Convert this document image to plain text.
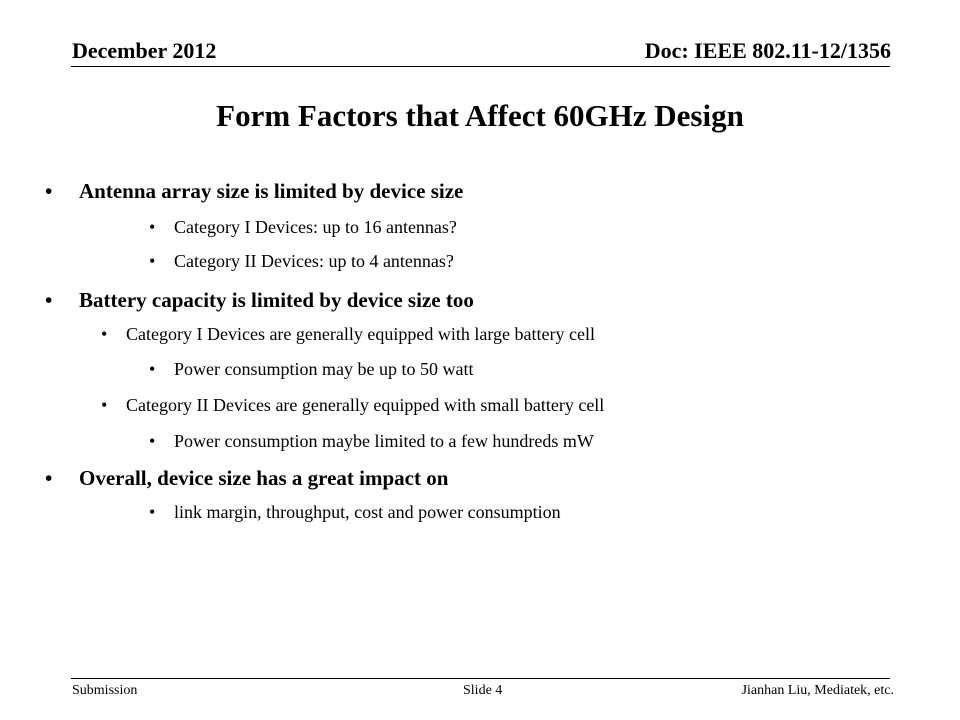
December 2012	Doc: IEEE 802.11-12/1356
Form Factors that Affect 60GHz Design
• Antenna array size is limited by device size
• Category I Devices: up to 16 antennas?
• Category II Devices: up to 4 antennas?
• Battery capacity is limited by device size too
• Category I Devices are generally equipped with large battery cell
• Power consumption may be up to 50 watt
• Category II Devices are generally equipped with small battery cell
• Power consumption maybe limited to a few hundreds mW
• Overall, device size has a great impact on
• link margin, throughput, cost and power consumption
Submission	Slide 4	Jianhan Liu, Mediatek, etc.
